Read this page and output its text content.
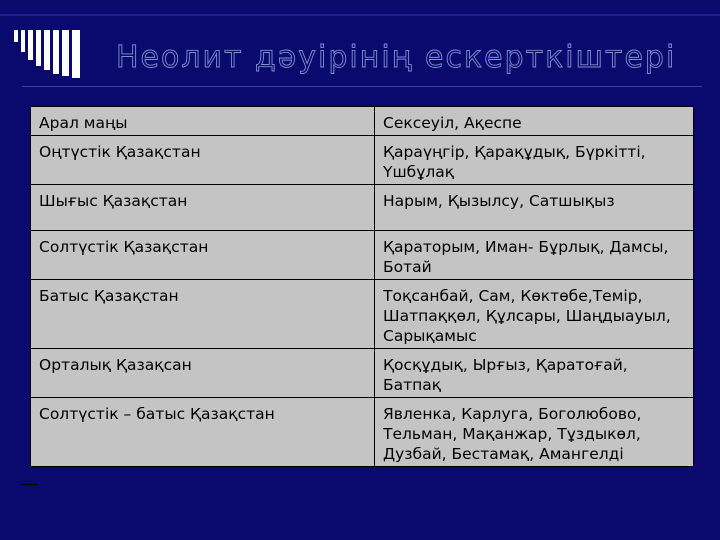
Неолит дәуірінің ескерткіштері
Арал маңы	Сексеуіл, Ақеспе
Оңтүстік Қазақстан	Қараүңгір, Қарақұдық, Бүркітті, Үшбұлақ
Шығыс Қазақстан	Нарым, Қызылсу, Сатшықыз
Солтүстік Қазақстан	Қараторым, Иман- Бұрлық, Дамсы, Ботай
Батыс Қазақстан	Тоқсанбай, Сам, Көктөбе,Темір, Шатпаққөл, Құлсары, Шаңдыауыл, Сарықамыс
Орталық Қазақсан	Қосқұдық, Ырғыз, Қаратоғай, Батпақ
Солтүстік – батыс Қазақстан	Явленка, Карлуга, Боголюбово, Тельман, Мақанжар, Тұздыкөл, Дузбай, Бестамақ, Амангелді
